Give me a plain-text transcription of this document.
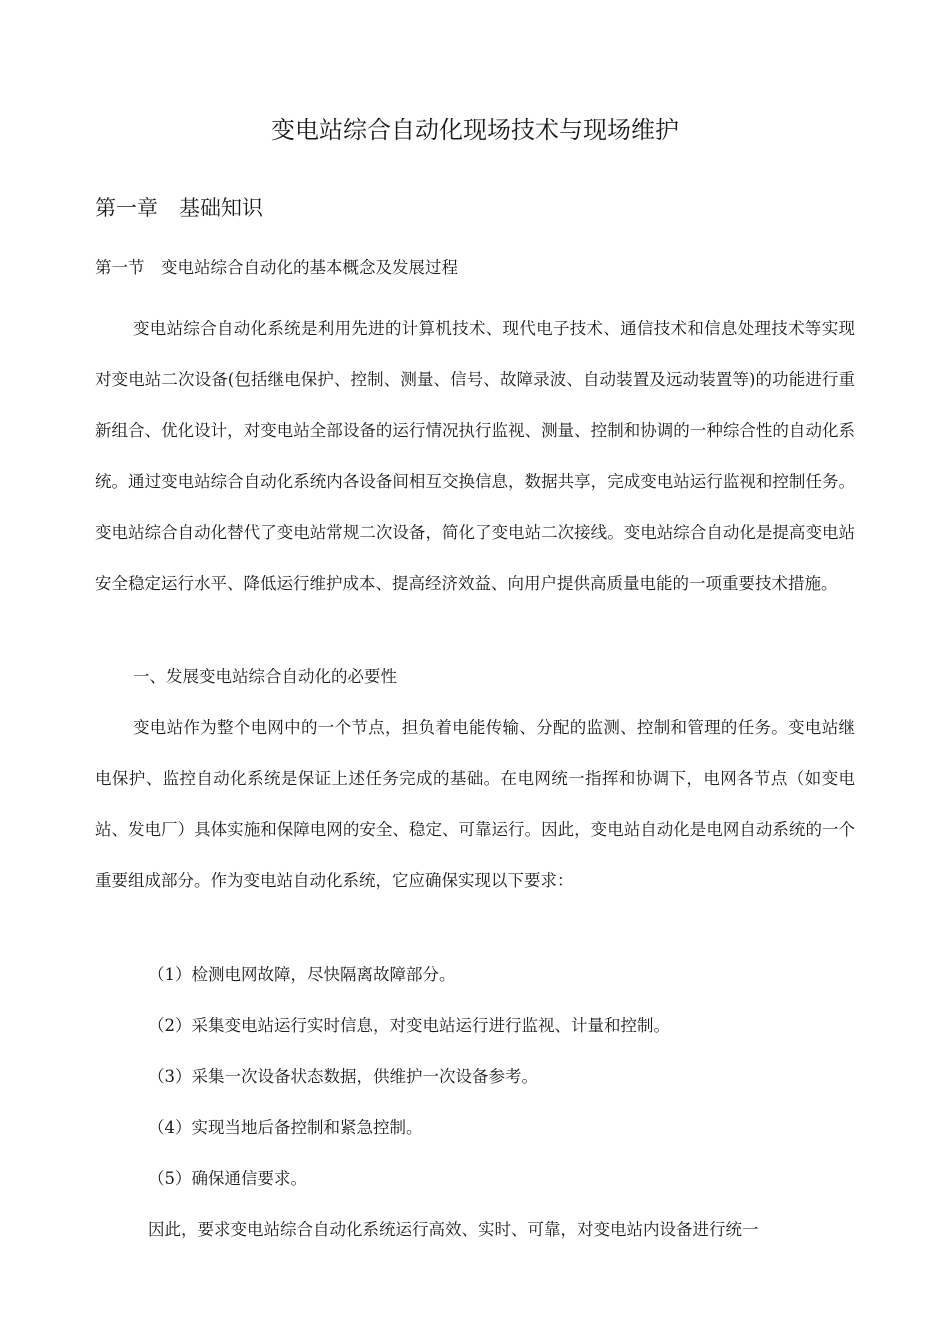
变电站综合自动化现场技术与现场维护
第一章　基础知识
第一节　变电站综合自动化的基本概念及发展过程

变电站综合自动化系统是利用先进的计算机技术、现代电子技术、通信技术和信息处理技术等实现对变电站二次设备(包括继电保护、控制、测量、信号、故障录波、自动装置及远动装置等)的功能进行重新组合、优化设计，对变电站全部设备的运行情况执行监视、测量、控制和协调的一种综合性的自动化系统。通过变电站综合自动化系统内各设备间相互交换信息，数据共享，完成变电站运行监视和控制任务。变电站综合自动化替代了变电站常规二次设备，简化了变电站二次接线。变电站综合自动化是提高变电站安全稳定运行水平、降低运行维护成本、提高经济效益、向用户提供高质量电能的一项重要技术措施。

一、发展变电站综合自动化的必要性

变电站作为整个电网中的一个节点，担负着电能传输、分配的监测、控制和管理的任务。变电站继电保护、监控自动化系统是保证上述任务完成的基础。在电网统一指挥和协调下，电网各节点（如变电站、发电厂）具体实施和保障电网的安全、稳定、可靠运行。因此，变电站自动化是电网自动系统的一个重要组成部分。作为变电站自动化系统，它应确保实现以下要求：

（1）检测电网故障，尽快隔离故障部分。
（2）采集变电站运行实时信息，对变电站运行进行监视、计量和控制。
（3）采集一次设备状态数据，供维护一次设备参考。
（4）实现当地后备控制和紧急控制。
（5）确保通信要求。

因此，要求变电站综合自动化系统运行高效、实时、可靠，对变电站内设备进行统一
